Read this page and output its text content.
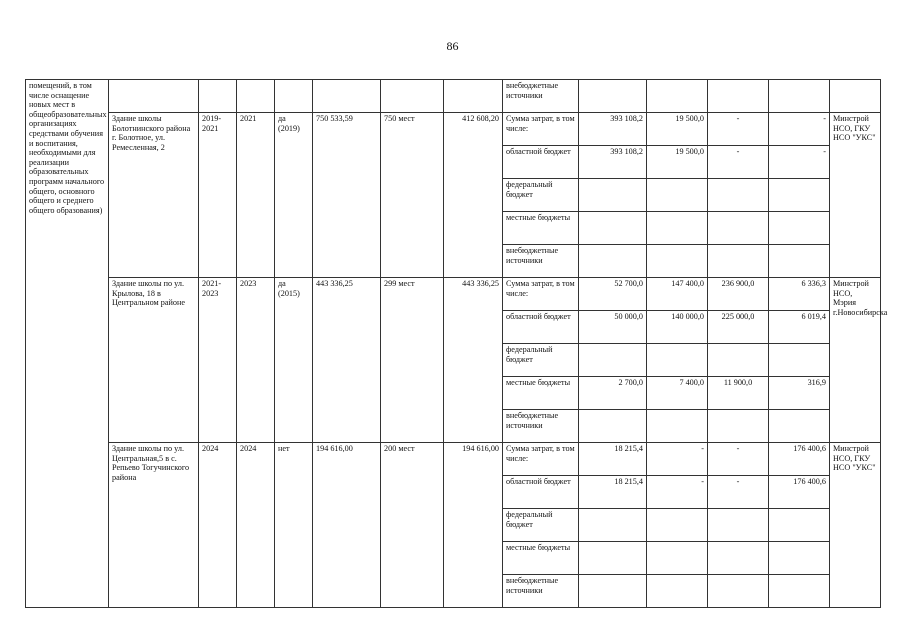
86
помещений, в том числе оснащение новых мест в общеобразовательных организациях средствами обучения и воспитания, необходимыми для реализации образовательных программ начального общего, основного общего и среднего общего образования)								внебюджетные источники					
	Здание школы Болотнинского района г. Болотное, ул. Ремесленная, 2	2019-2021	2021	да (2019)	750 533,59	750 мест	412 608,20	Сумма затрат, в том числе:	393 108,2	19 500,0	-	-	Минстрой НСО, ГКУ НСО "УКС"
								областной бюджет	393 108,2	19 500,0	-	-	
								федеральный бюджет					
								местные бюджеты					
								внебюджетные источники					
	Здание школы по ул. Крылова, 18 в Центральном районе	2021-2023	2023	да (2015)	443 336,25	299 мест	443 336,25	Сумма затрат, в том числе:	52 700,0	147 400,0	236 900,0	6 336,3	Минстрой НСО, Мэрия г.Новосибирска
								областной бюджет	50 000,0	140 000,0	225 000,0	6 019,4	
								федеральный бюджет					
								местные бюджеты	2 700,0	7 400,0	11 900,0	316,9	
								внебюджетные источники					
	Здание школы по ул. Центральная,5 в с. Репьево Тогучинского района	2024	2024	нет	194 616,00	200 мест	194 616,00	Сумма затрат, в том числе:	18 215,4	-	-	176 400,6	Минстрой НСО, ГКУ НСО "УКС"
								областной бюджет	18 215,4	-	-	176 400,6	
								федеральный бюджет					
								местные бюджеты					
								внебюджетные источники					
